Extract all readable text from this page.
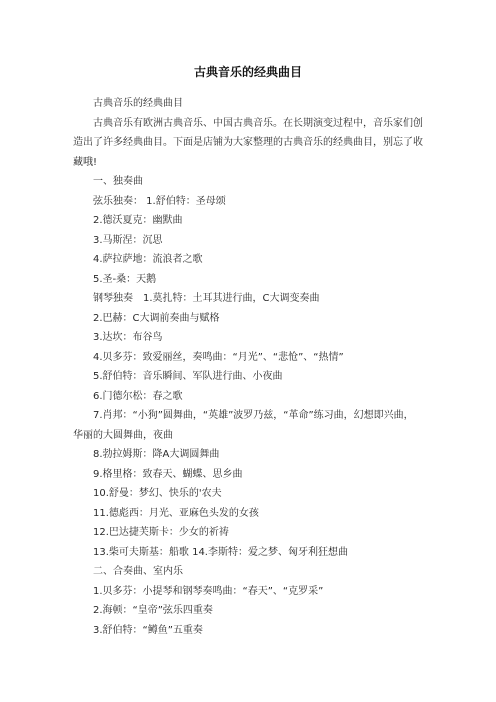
古典音乐的经典曲目

古典音乐的经典曲目

古典音乐有欧洲古典音乐、中国古典音乐。在长期演变过程中，音乐家们创造出了许多经典曲目。下面是店铺为大家整理的古典音乐的经典曲目，别忘了收藏哦!

一、独奏曲

弦乐独奏： 1.舒伯特：圣母颂

2.德沃夏克：幽默曲

3.马斯涅：沉思

4.萨拉萨地：流浪者之歌

5.圣-桑：天鹅

钢琴独奏　1.莫扎特：土耳其进行曲，C大调变奏曲

2.巴赫：C大调前奏曲与赋格

3.达坎：布谷鸟

4.贝多芬：致爱丽丝，奏鸣曲：“月光”、“悲怆”、“热情”

5.舒伯特：音乐瞬间、军队进行曲、小夜曲

6.门德尔松：春之歌

7.肖邦：“小狗”圆舞曲，“英雄”波罗乃兹，“革命”练习曲，幻想即兴曲，华丽的大圆舞曲，夜曲

8.勃拉姆斯：降A大调圆舞曲

9.格里格：致春天、蝴蝶、思乡曲

10.舒曼：梦幻、快乐的'农夫

11.德彪西：月光、亚麻色头发的女孩

12.巴达捷芙斯卡：少女的祈祷

13.柴可夫斯基：船歌 14.李斯特：爱之梦、匈牙利狂想曲

二、合奏曲、室内乐

1.贝多芬：小提琴和钢琴奏鸣曲：“春天”、“克罗采”

2.海顿：“皇帝”弦乐四重奏

3.舒伯特：“鳟鱼”五重奏
